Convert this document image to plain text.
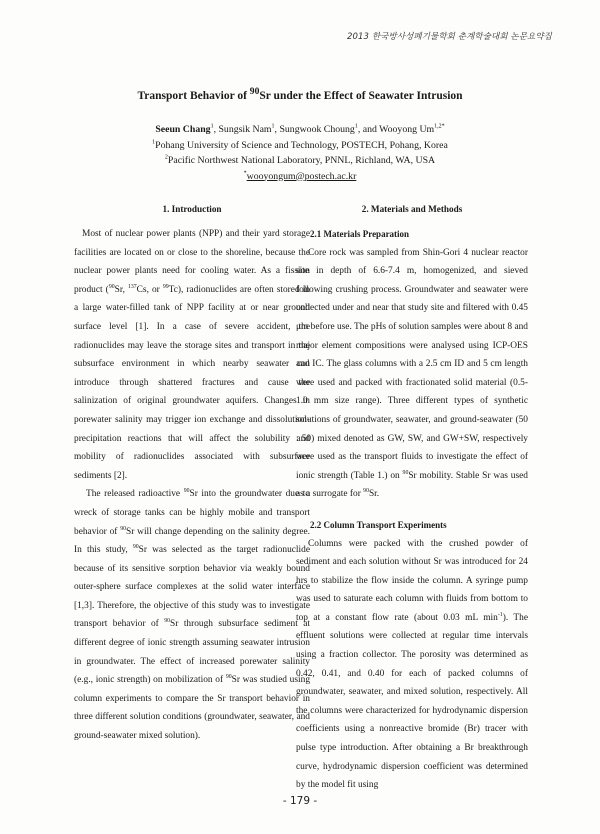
2013 한국방사성폐기물학회 춘계학술대회 논문요약집
Transport Behavior of $^{90}$Sr under the Effect of Seawater Intrusion
Seeun Chang$^1$, Sungsik Nam$^1$, Sungwook Choung$^1$, and Wooyong $Um^{1,2*}$
$^1$Pohang University of Science and Technology, POSTECH, Pohang, Korea
$^2$Pacific Northwest National Laboratory, PNNL, Richland, WA, USA
*wooyongum@postech.ac.kr
1. Introduction

Most of nuclear power plants (NPP) and their yard storage facilities are located on or close to the shoreline, because the nuclear power plants need for cooling water. As a fission product ($^{90}$Sr, $^{137}$Cs, or $^{99}$Tc), radionuclides are often stored in a large water-filled tank of NPP facility at or near ground surface level [1]. In a case of severe accident, the radionuclides may leave the storage sites and transport in the subsurface environment in which nearby seawater can introduce through shattered fractures and cause the salinization of original groundwater aquifers. Changes in porewater salinity may trigger ion exchange and dissolution-precipitation reactions that will affect the solubility and mobility of radionuclides associated with subsurface sediments [2].

The released radioactive $^{90}$Sr into the groundwater due to wreck of storage tanks can be highly mobile and transport behavior of $^{90}$Sr will change depending on the salinity degree. In this study, $^{90}$Sr was selected as the target radionuclide because of its sensitive sorption behavior via weakly bound outer-sphere surface complexes at the solid water interface [1,3]. Therefore, the objective of this study was to investigate transport behavior of $^{90}$Sr through subsurface sediment at different degree of ionic strength assuming seawater intrusion in groundwater. The effect of increased porewater salinity (e.g., ionic strength) on mobilization of $^{90}$Sr was studied using column experiments to compare the Sr transport behavior in three different solution conditions (groundwater, seawater, and ground-seawater mixed solution).

2. Materials and Methods
2.1 Materials Preparation

Core rock was sampled from Shin-Gori 4 nuclear reactor site in depth of 6.6-7.4 m, homogenized, and sieved following crushing process. Groundwater and seawater were collected under and near that study site and filtered with 0.45 μm before use. The pHs of solution samples were about 8 and major element compositions were analysed using ICP-OES and IC. The glass columns with a 2.5 cm ID and 5 cm length were used and packed with fractionated solid material (0.5-1.0 mm size range). Three different types of synthetic solutions of groundwater, seawater, and ground-seawater (50 : 50) mixed denoted as GW, SW, and GW+SW, respectively were used as the transport fluids to investigate the effect of ionic strength (Table 1.) on $^{90}$Sr mobility. Stable Sr was used as a surrogate for $^{90}$Sr.

2.2 Column Transport Experiments

Columns were packed with the crushed powder of sediment and each solution without Sr was introduced for 24 hrs to stabilize the flow inside the column. A syringe pump was used to saturate each column with fluids from bottom to top at a constant flow rate (about 0.03 mL $\min^{-1}$). The effluent solutions were collected at regular time intervals using a fraction collector. The porosity was determined as 0.42, 0.41, and 0.40 for each of packed columns of groundwater, seawater, and mixed solution, respectively. All the columns were characterized for hydrodynamic dispersion coefficients using a nonreactive bromide (Br) tracer with pulse type introduction. After obtaining a Br breakthrough curve, hydrodynamic dispersion coefficient was determined by the model fit using

- 179 -
